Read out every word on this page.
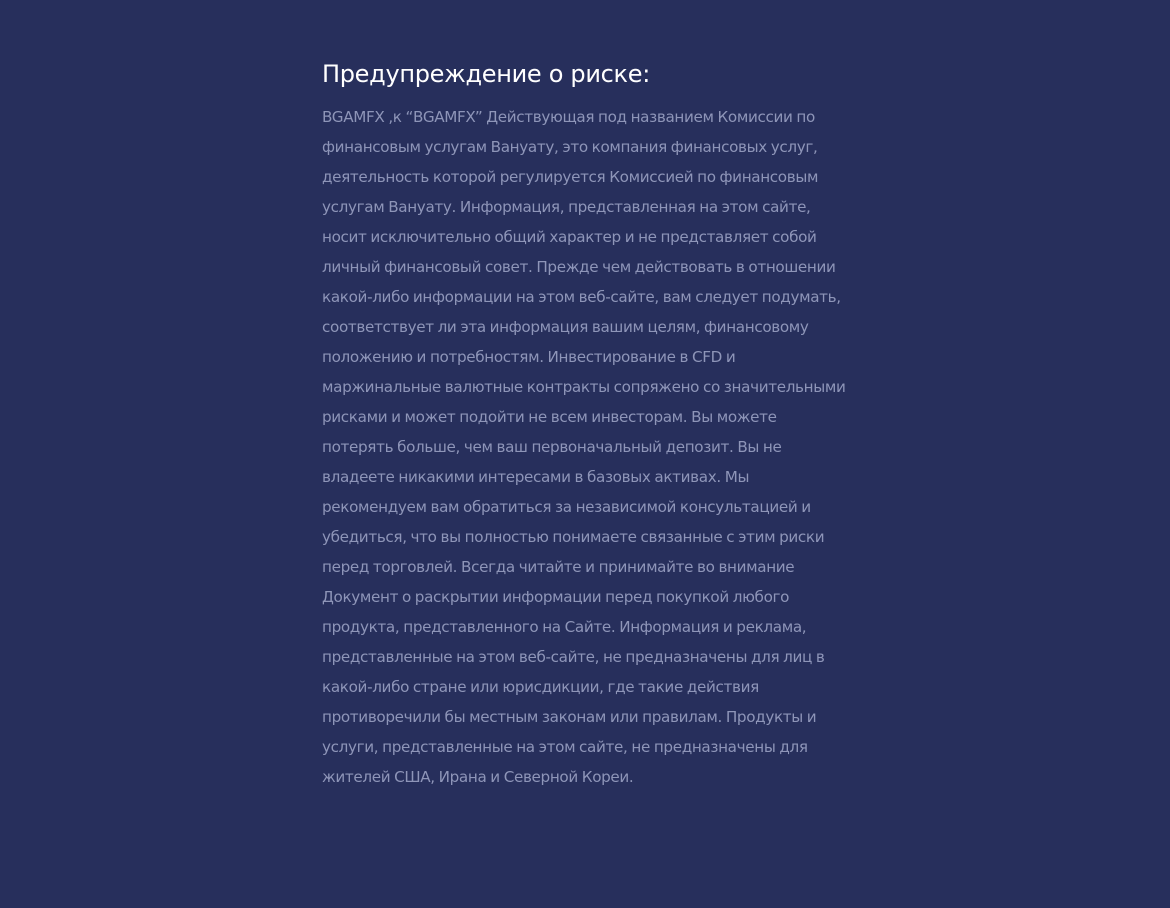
Предупреждение о риске:

BGAMFX ,к “BGAMFX” Действующая под названием Комиссии по финансовым услугам Вануату, это компания финансовых услуг, деятельность которой регулируется Комиссией по финансовым услугам Вануату. Информация, представленная на этом сайте, носит исключительно общий характер и не представляет собой личный финансовый совет. Прежде чем действовать в отношении какой-либо информации на этом веб-сайте, вам следует подумать, соответствует ли эта информация вашим целям, финансовому положению и потребностям. Инвестирование в CFD и маржинальные валютные контракты сопряжено со значительными рисками и может подойти не всем инвесторам. Вы можете потерять больше, чем ваш первоначальный депозит. Вы не владеете никакими интересами в базовых активах. Мы рекомендуем вам обратиться за независимой консультацией и убедиться, что вы полностью понимаете связанные с этим риски перед торговлей. Всегда читайте и принимайте во внимание Документ о раскрытии информации перед покупкой любого продукта, представленного на Сайте. Информация и реклама, представленные на этом веб-сайте, не предназначены для лиц в какой-либо стране или юрисдикции, где такие действия противоречили бы местным законам или правилам. Продукты и услуги, представленные на этом сайте, не предназначены для жителей США, Ирана и Северной Кореи.
